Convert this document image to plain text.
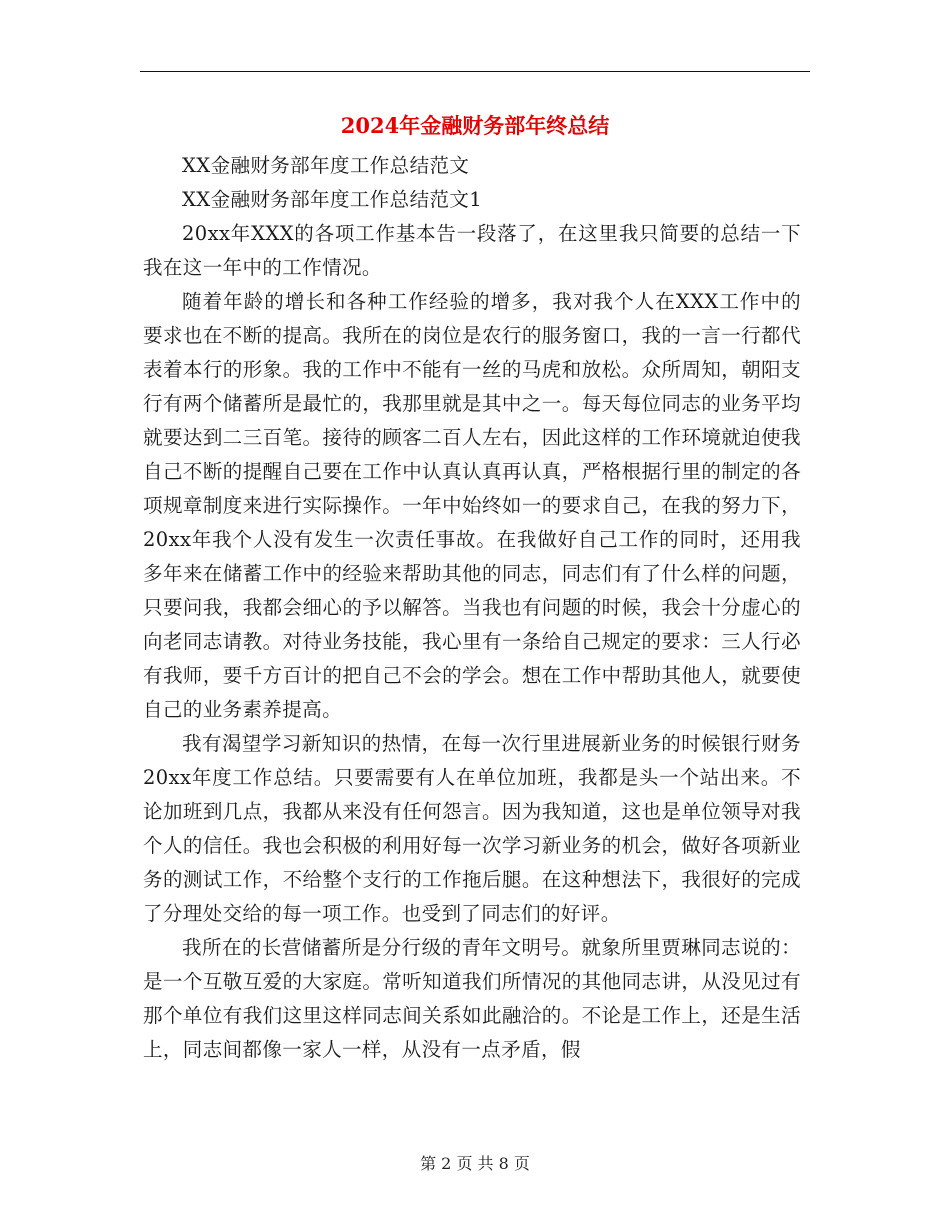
2024年金融财务部年终总结

XX金融财务部年度工作总结范文

XX金融财务部年度工作总结范文1

20xx年XXX的各项工作基本告一段落了，在这里我只简要的总结一下我在这一年中的工作情况。

随着年龄的增长和各种工作经验的增多，我对我个人在XXX工作中的要求也在不断的提高。我所在的岗位是农行的服务窗口，我的一言一行都代表着本行的形象。我的工作中不能有一丝的马虎和放松。众所周知，朝阳支行有两个储蓄所是最忙的，我那里就是其中之一。每天每位同志的业务平均就要达到二三百笔。接待的顾客二百人左右，因此这样的工作环境就迫使我自己不断的提醒自己要在工作中认真认真再认真，严格根据行里的制定的各项规章制度来进行实际操作。一年中始终如一的要求自己，在我的努力下，20xx年我个人没有发生一次责任事故。在我做好自己工作的同时，还用我多年来在储蓄工作中的经验来帮助其他的同志，同志们有了什么样的问题，只要问我，我都会细心的予以解答。当我也有问题的时候，我会十分虚心的向老同志请教。对待业务技能，我心里有一条给自己规定的要求：三人行必有我师，要千方百计的把自己不会的学会。想在工作中帮助其他人，就要使自己的业务素养提高。

我有渴望学习新知识的热情，在每一次行里进展新业务的时候银行财务20xx年度工作总结。只要需要有人在单位加班，我都是头一个站出来。不论加班到几点，我都从来没有任何怨言。因为我知道，这也是单位领导对我个人的信任。我也会积极的利用好每一次学习新业务的机会，做好各项新业务的测试工作，不给整个支行的工作拖后腿。在这种想法下，我很好的完成了分理处交给的每一项工作。也受到了同志们的好评。

我所在的长营储蓄所是分行级的青年文明号。就象所里贾琳同志说的：是一个互敬互爱的大家庭。常听知道我们所情况的其他同志讲，从没见过有那个单位有我们这里这样同志间关系如此融洽的。不论是工作上，还是生活上，同志间都像一家人一样，从没有一点矛盾，假

第 2 页 共 8 页
